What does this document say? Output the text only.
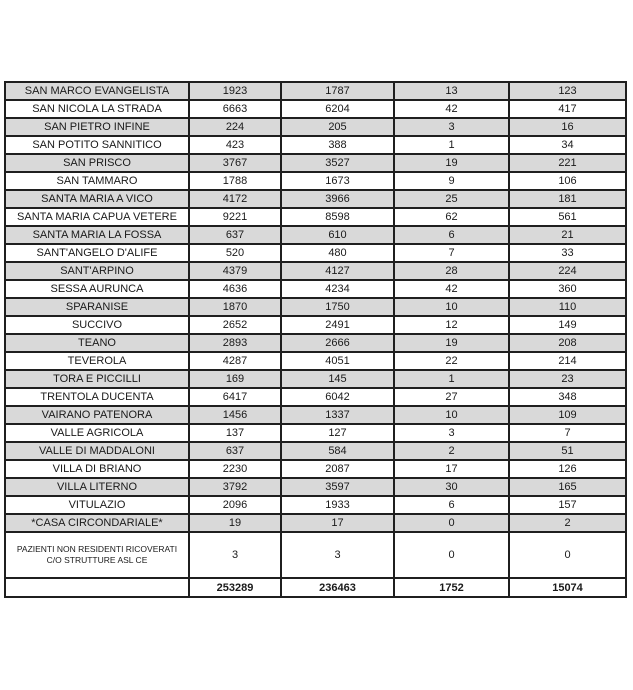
SAN MARCO EVANGELISTA	1923	1787	13	123
SAN NICOLA LA STRADA	6663	6204	42	417
SAN PIETRO INFINE	224	205	3	16
SAN POTITO SANNITICO	423	388	1	34
SAN PRISCO	3767	3527	19	221
SAN TAMMARO	1788	1673	9	106
SANTA MARIA A VICO	4172	3966	25	181
SANTA MARIA CAPUA VETERE	9221	8598	62	561
SANTA MARIA LA FOSSA	637	610	6	21
SANT'ANGELO D'ALIFE	520	480	7	33
SANT'ARPINO	4379	4127	28	224
SESSA AURUNCA	4636	4234	42	360
SPARANISE	1870	1750	10	110
SUCCIVO	2652	2491	12	149
TEANO	2893	2666	19	208
TEVEROLA	4287	4051	22	214
TORA E PICCILLI	169	145	1	23
TRENTOLA DUCENTA	6417	6042	27	348
VAIRANO PATENORA	1456	1337	10	109
VALLE AGRICOLA	137	127	3	7
VALLE DI MADDALONI	637	584	2	51
VILLA DI BRIANO	2230	2087	17	126
VILLA LITERNO	3792	3597	30	165
VITULAZIO	2096	1933	6	157
*CASA CIRCONDARIALE*	19	17	0	2
PAZIENTI NON RESIDENTI RICOVERATI C/O STRUTTURE ASL CE	3	3	0	0
	253289	236463	1752	15074
